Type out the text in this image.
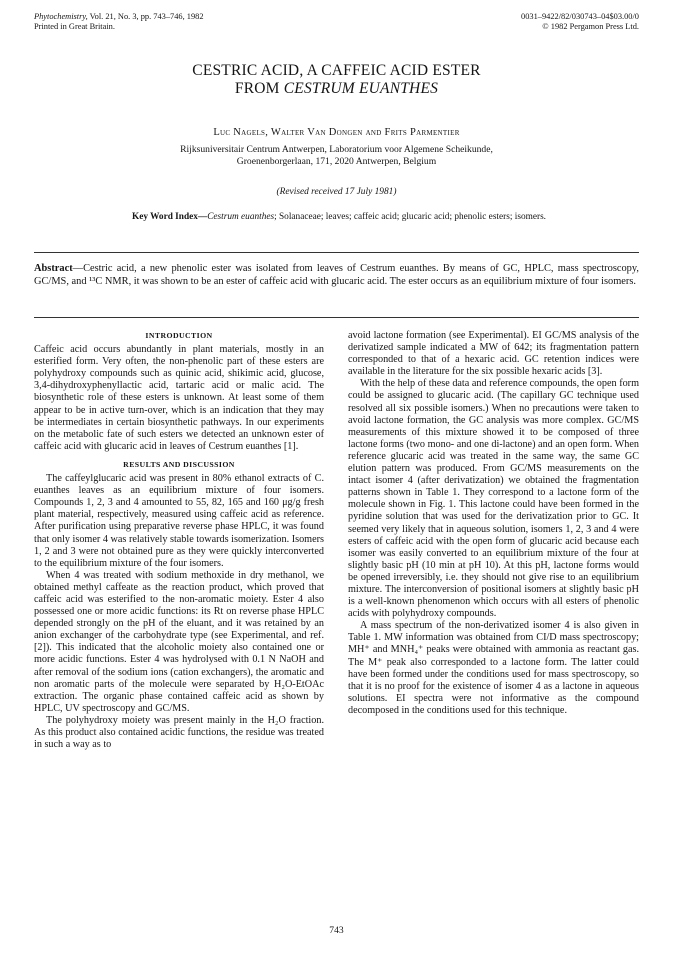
Phytochemistry, Vol. 21, No. 3, pp. 743–746, 1982
Printed in Great Britain.
0031–9422/82/030743–04$03.00/0
© 1982 Pergamon Press Ltd.
CESTRIC ACID, A CAFFEIC ACID ESTER
FROM CESTRUM EUANTHES
Luc Nagels, Walter Van Dongen and Frits Parmentier
Rijksuniversitair Centrum Antwerpen, Laboratorium voor Algemene Scheikunde,
Groenenborgerlaan, 171, 2020 Antwerpen, Belgium
(Revised received 17 July 1981)
Key Word Index—Cestrum euanthes; Solanaceae; leaves; caffeic acid; glucaric acid; phenolic esters; isomers.
Abstract—Cestric acid, a new phenolic ester was isolated from leaves of Cestrum euanthes. By means of GC, HPLC, mass spectroscopy, GC/MS, and ¹³C NMR, it was shown to be an ester of caffeic acid with glucaric acid. The ester occurs as an equilibrium mixture of four isomers.
INTRODUCTION

Caffeic acid occurs abundantly in plant materials, mostly in an esterified form. Very often, the non-phenolic part of these esters are polyhydroxy compounds such as quinic acid, shikimic acid, glucose, 3,4-dihydroxyphenyllactic acid, tartaric acid or malic acid. The biosynthetic role of these esters is unknown. At least some of them appear to be in active turn-over, which is an indication that they may be intermediates in certain biosynthetic pathways. In our experiments on the metabolic fate of such esters we detected an unknown ester of caffeic acid with glucaric acid in leaves of Cestrum euanthes [1].

RESULTS AND DISCUSSION

The caffeylglucaric acid was present in 80% ethanol extracts of C. euanthes leaves as an equilibrium mixture of four isomers. Compounds 1, 2, 3 and 4 amounted to 55, 82, 165 and 160 μg/g fresh plant material, respectively, measured using caffeic acid as reference. After purification using preparative reverse phase HPLC, it was found that only isomer 4 was relatively stable towards isomerization. Isomers 1, 2 and 3 were not obtained pure as they were quickly interconverted to the equilibrium mixture of the four isomers.

When 4 was treated with sodium methoxide in dry methanol, we obtained methyl caffeate as the reaction product, which proved that caffeic acid was esterified to the non-aromatic moiety. Ester 4 also possessed one or more acidic functions: its Rt on reverse phase HPLC depended strongly on the pH of the eluant, and it was retained by an anion exchanger of the carbohydrate type (see Experimental, and ref. [2]). This indicated that the alcoholic moiety also contained one or more acidic functions. Ester 4 was hydrolysed with 0.1 N NaOH and after removal of the sodium ions (cation exchangers), the aromatic and non aromatic parts of the molecule were separated by H₂O-EtOAc extraction. The organic phase contained caffeic acid as shown by HPLC, UV spectroscopy and GC/MS.

The polyhydroxy moiety was present mainly in the H₂O fraction. As this product also contained acidic functions, the residue was treated in such a way as to

avoid lactone formation (see Experimental). EI GC/MS analysis of the derivatized sample indicated a MW of 642; its fragmentation pattern corresponded to that of a hexaric acid. GC retention indices were available in the literature for the six possible hexaric acids [3].

With the help of these data and reference compounds, the open form could be assigned to glucaric acid. (The capillary GC technique used resolved all six possible isomers.) When no precautions were taken to avoid lactone formation, the GC analysis was more complex. GC/MS measurements of this mixture showed it to be composed of three lactone forms (two mono- and one di-lactone) and an open form. When reference glucaric acid was treated in the same way, the same GC elution pattern was produced. From GC/MS measurements on the intact isomer 4 (after derivatization) we obtained the fragmentation patterns shown in Table 1. They correspond to a lactone form of the molecule shown in Fig. 1. This lactone could have been formed in the pyridine solution that was used for the derivatization prior to GC. It seemed very likely that in aqueous solution, isomers 1, 2, 3 and 4 were esters of caffeic acid with the open form of glucaric acid because each isomer was easily converted to an equilibrium mixture of the four at slightly basic pH (10 min at pH 10). At this pH, lactone forms would be opened irreversibly, i.e. they should not give rise to an equilibrium mixture. The interconversion of positional isomers at slightly basic pH is a well-known phenomenon which occurs with all esters of phenolic acids with polyhydroxy compounds.

A mass spectrum of the non-derivatized isomer 4 is also given in Table 1. MW information was obtained from CI/D mass spectroscopy; MH⁺ and MNH₄⁺ peaks were obtained with ammonia as reactant gas. The M⁺ peak also corresponded to a lactone form. The latter could have been formed under the conditions used for mass spectroscopy, so that it is no proof for the existence of isomer 4 as a lactone in aqueous solutions. EI spectra were not informative as the compound decomposed in the conditions used for this technique.

743
